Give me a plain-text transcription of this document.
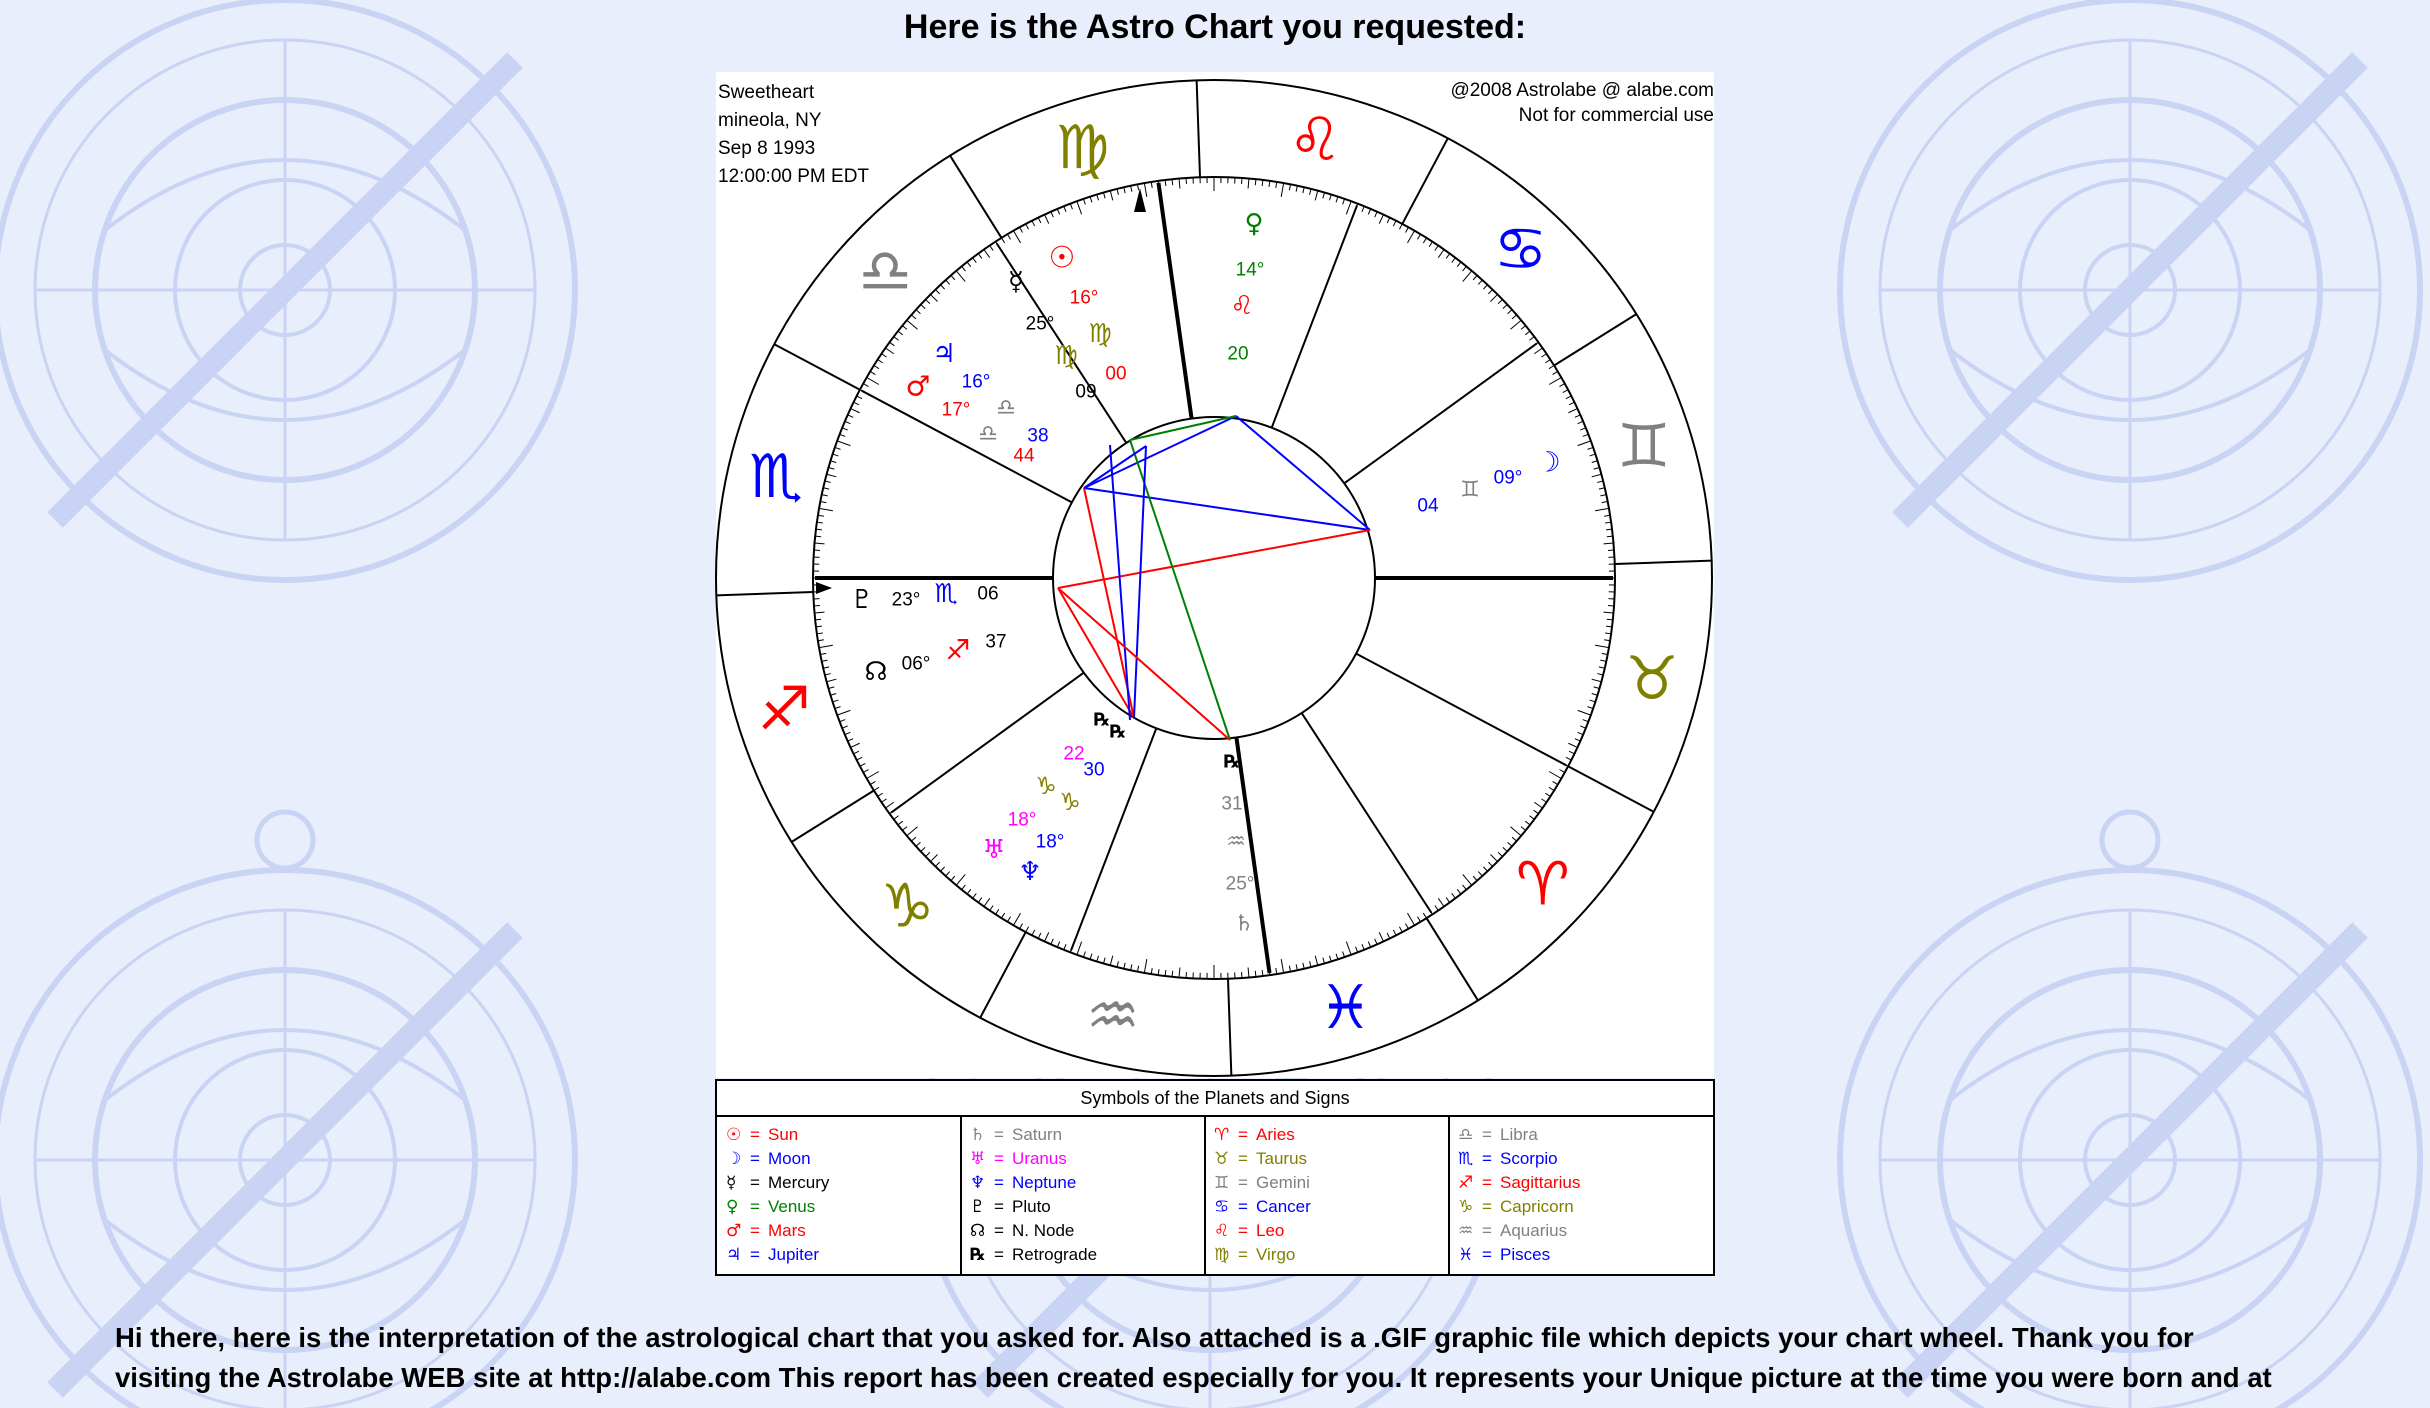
Here is the Astro Chart you requested:
Sweetheart
mineola, NY
Sep 8 1993
12:00:00 PM EDT
@2008 Astrolabe @ alabe.com
Not for commercial use
♌
♋
♊
♉
♈
♓
♒
♑
♐
♏
♎
♍
♀
14°
♌
20
☉
16°
☿
25° ♍
♍
00
09
♃
16°
♂
17° ♎
♎ 38
44	☽
09°
♊
04
♇ 23° ♏ 06
☊ 06° ♐ 37
22
30
♑
♑
18°
18°
♅
♆
31
♒
25°
♄
℞
℞
℞
Symbols of the Planets and Signs
☉ = Sun
☽ = Moon
☿ = Mercury
♀ = Venus
♂ = Mars
♃ = Jupiter
♄ = Saturn
♅ = Uranus
♆ = Neptune
♇ = Pluto
☊ = N. Node
℞ = Retrograde
♈ = Aries
♉ = Taurus
♊ = Gemini
♋ = Cancer
♌ = Leo
♍ = Virgo
♎ = Libra
♏ = Scorpio
♐ = Sagittarius
♑ = Capricorn
♒ = Aquarius
♓ = Pisces
Hi there, here is the interpretation of the astrological chart that you asked for. Also attached is a .GIF graphic file which depicts your chart wheel. Thank you for
visiting the Astrolabe WEB site at http://alabe.com This report has been created especially for you. It represents your Unique picture at the time you were born and at
